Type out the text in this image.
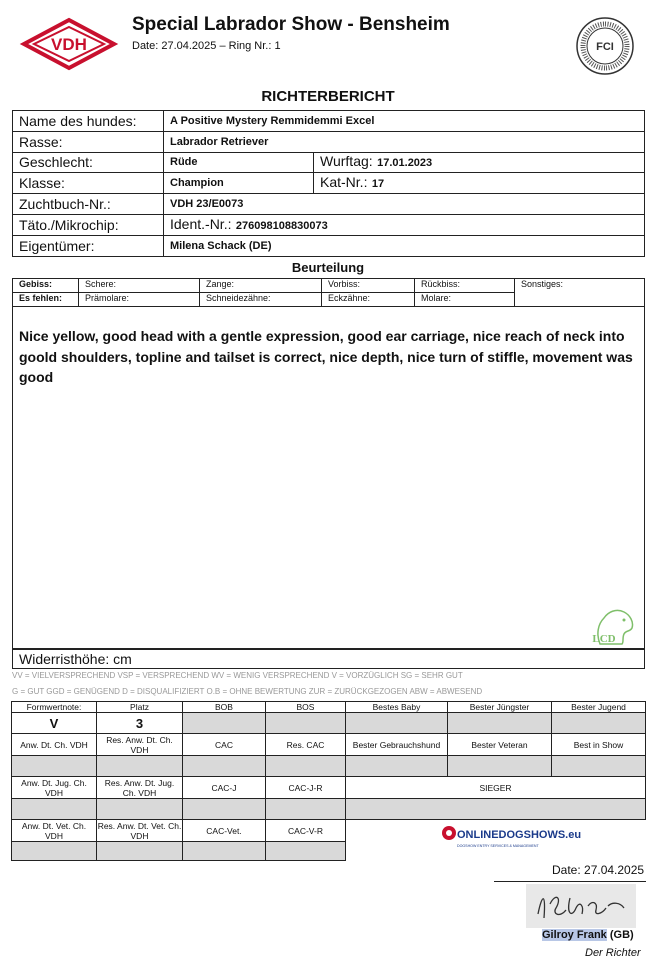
VDH
Special Labrador Show - Bensheim
Date: 27.04.2025 – Ring Nr.: 1	FCI
RICHTERBERICHT
Name des hundes:	A Positive Mystery Remmidemmi Excel	
Rasse:	Labrador Retriever	
Geschlecht:	Rüde	Wurftag: 17.01.2023
Klasse:	Champion	Kat-Nr.: 17
Zuchtbuch-Nr.:	VDH 23/E0073	
Täto./Mikrochip:	Ident.-Nr.: 276098108830073	
Eigentümer:	Milena Schack (DE)	
Beurteilung
Gebiss:	Schere:	Zange:	Vorbiss:	Rückbiss:	Sonstiges:
Es fehlen:	Prämolare:	Schneidezähne:	Eckzähne:	Molare:	
Nice yellow, good head with a gentle expression, good ear carriage, nice reach of neck into goold shoulders, topline and tailset is correct, nice depth, nice turn of stiffle, movement was good
LCD
Widerristhöhe: cm
VV = VIELVERSPRECHEND VSP = VERSPRECHEND WV = WENIG VERSPRECHEND V = VORZÜGLICH SG = SEHR GUT
G = GUT GGD = GENÜGEND D = DISQUALIFIZIERT O.B = OHNE BEWERTUNG ZUR = ZURÜCKGEZOGEN ABW = ABWESEND
Formwertnote:	Platz	BOB	BOS	Bestes Baby	Bester Jüngster	Bester Jugend
V	3					
Anw. Dt. Ch. VDH	Res. Anw. Dt. Ch. VDH	CAC	Res. CAC	Bester Gebrauchshund	Bester Veteran	Best in Show

Anw. Dt. Jug. Ch. VDH	Res. Anw. Dt. Jug. Ch. VDH	CAC-J	CAC-J-R	SIEGER		

Anw. Dt. Vet. Ch. VDH	Res. Anw. Dt. Vet. Ch. VDH	CAC-Vet.	CAC-V-R			
					ONLINEDOGSHOWS.eu
DOGSHOW ENTRY SERVICES & MANAGEMENT
Date: 27.04.2025
Gilroy Frank (GB)
Der Richter
